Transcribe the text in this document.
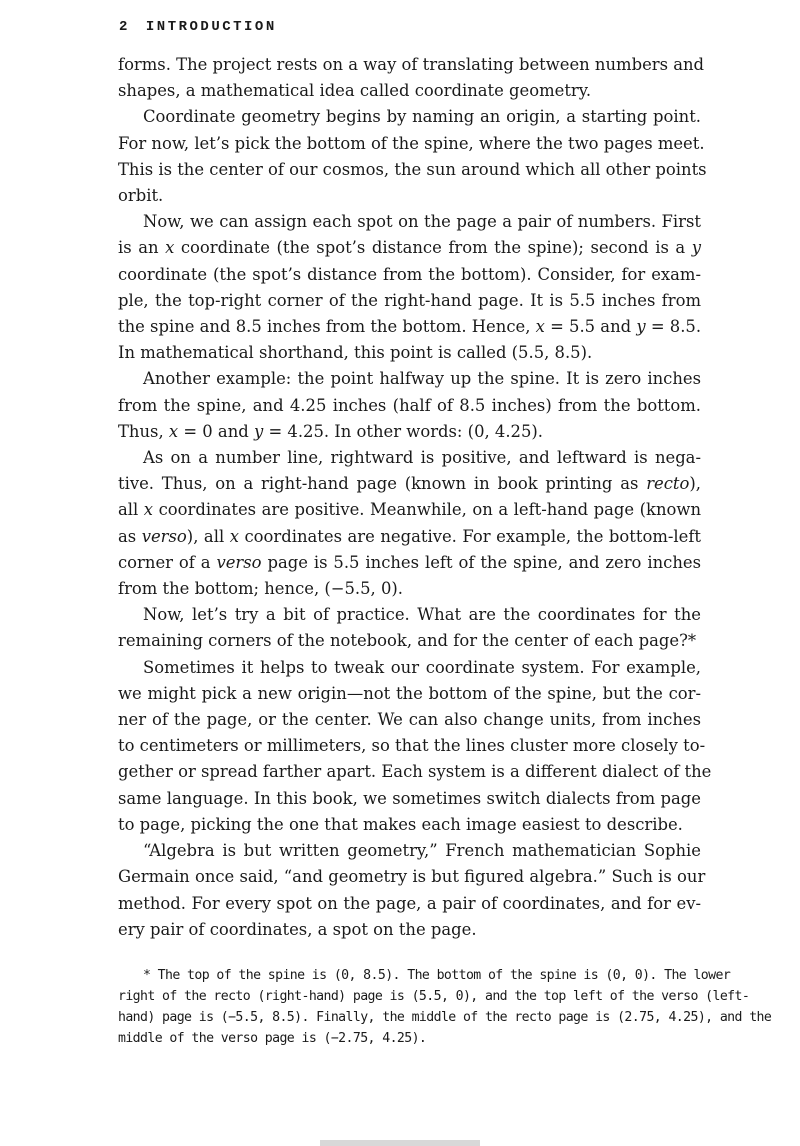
2 INTRODUCTION

forms. The project rests on a way of translating between numbers and
shapes, a mathematical idea called coordinate geometry.

Coordinate geometry begins by naming an origin, a starting point.
For now, let’s pick the bottom of the spine, where the two pages meet.
This is the center of our cosmos, the sun around which all other points
orbit.

Now, we can assign each spot on the page a pair of numbers. First
is an x coordinate (the spot’s distance from the spine); second is a y
coordinate (the spot’s distance from the bottom). Consider, for exam-
ple, the top-right corner of the right-hand page. It is 5.5 inches from
the spine and 8.5 inches from the bottom. Hence, x = 5.5 and y = 8.5.
In mathematical shorthand, this point is called (5.5, 8.5).

Another example: the point halfway up the spine. It is zero inches
from the spine, and 4.25 inches (half of 8.5 inches) from the bottom.
Thus, x = 0 and y = 4.25. In other words: (0, 4.25).

As on a number line, rightward is positive, and leftward is nega-
tive. Thus, on a right-hand page (known in book printing as recto),
all x coordinates are positive. Meanwhile, on a left-hand page (known
as verso), all x coordinates are negative. For example, the bottom-left
corner of a verso page is 5.5 inches left of the spine, and zero inches
from the bottom; hence, (−5.5, 0).

Now, let’s try a bit of practice. What are the coordinates for the
remaining corners of the notebook, and for the center of each page?*

Sometimes it helps to tweak our coordinate system. For example,
we might pick a new origin—not the bottom of the spine, but the cor-
ner of the page, or the center. We can also change units, from inches
to centimeters or millimeters, so that the lines cluster more closely to-
gether or spread farther apart. Each system is a different dialect of the
same language. In this book, we sometimes switch dialects from page
to page, picking the one that makes each image easiest to describe.

“Algebra is but written geometry,” French mathematician Sophie
Germain once said, “and geometry is but figured algebra.” Such is our
method. For every spot on the page, a pair of coordinates, and for ev-
ery pair of coordinates, a spot on the page.

* The top of the spine is (0, 8.5). The bottom of the spine is (0, 0). The lower
right of the recto (right-hand) page is (5.5, 0), and the top left of the verso (left-
hand) page is (−5.5, 8.5). Finally, the middle of the recto page is (2.75, 4.25), and the
middle of the verso page is (−2.75, 4.25).
